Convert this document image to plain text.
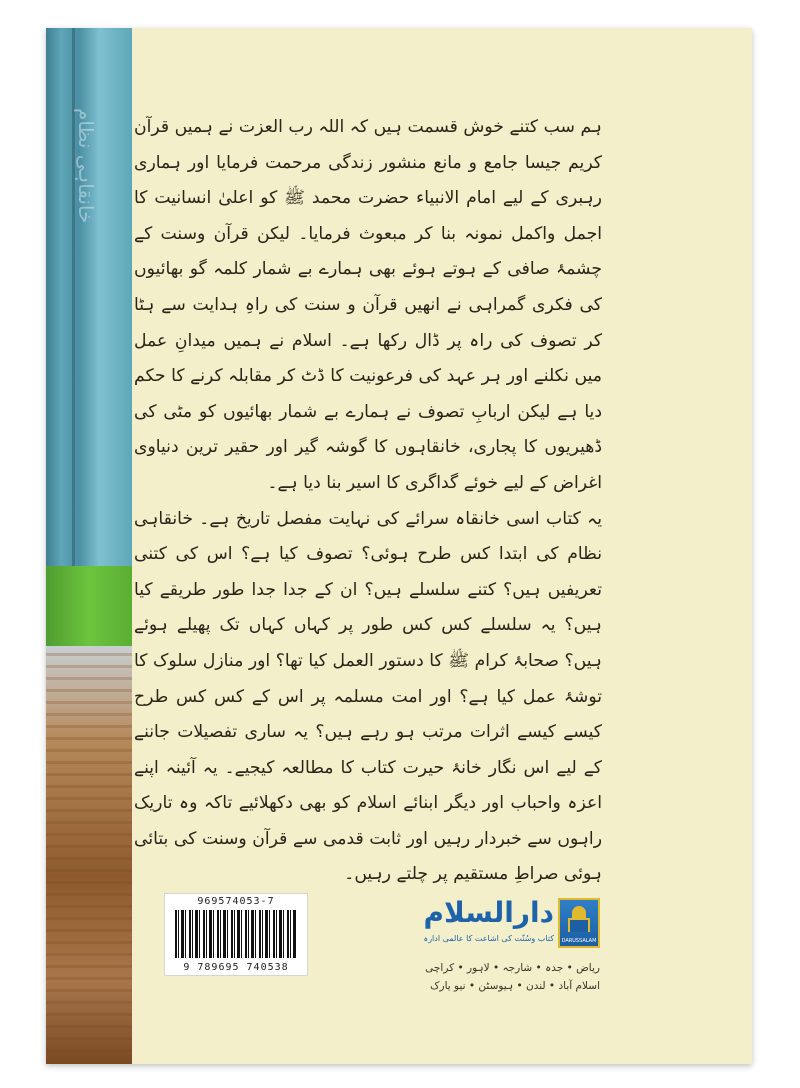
خانقاہی نظام ہم سب کتنے خوش قسمت ہیں کہ اللہ رب العزت نے ہمیں قرآن کریم جیسا جامع و مانع منشور زندگی مرحمت فرمایا اور ہماری رہبری کے لیے امام الانبیاء حضرت محمد ﷺ کو اعلیٰ انسانیت کا اجمل واکمل نمونہ بنا کر مبعوث فرمایا۔ لیکن قرآن وسنت کے چشمۂ صافی کے ہوتے ہوئے بھی ہمارے بے شمار کلمہ گو بھائیوں کی فکری گمراہی نے انھیں قرآن و سنت کی راہِ ہدایت سے ہٹا کر تصوف کی راہ پر ڈال رکھا ہے۔ اسلام نے ہمیں میدانِ عمل میں نکلنے اور ہر عہد کی فرعونیت کا ڈٹ کر مقابلہ کرنے کا حکم دیا ہے لیکن اربابِ تصوف نے ہمارے بے شمار بھائیوں کو مٹی کی ڈھیریوں کا پجاری، خانقاہوں کا گوشہ گیر اور حقیر ترین دنیاوی اغراض کے لیے خوئے گداگری کا اسیر بنا دیا ہے۔

یہ کتاب اسی خانقاہ سرائے کی نہایت مفصل تاریخ ہے۔ خانقاہی نظام کی ابتدا کس طرح ہوئی؟ تصوف کیا ہے؟ اس کی کتنی تعریفیں ہیں؟ کتنے سلسلے ہیں؟ ان کے جدا جدا طور طریقے کیا ہیں؟ یہ سلسلے کس کس طور پر کہاں کہاں تک پھیلے ہوئے ہیں؟ صحابۂ کرام ﷺ کا دستور العمل کیا تھا؟ اور منازل سلوک کا توشۂ عمل کیا ہے؟ اور امت مسلمہ پر اس کے کس کس طرح کیسے کیسے اثرات مرتب ہو رہے ہیں؟ یہ ساری تفصیلات جاننے کے لیے اس نگار خانۂ حیرت کتاب کا مطالعہ کیجیے۔ یہ آئینہ اپنے اعزہ واحباب اور دیگر ابنائے اسلام کو بھی دکھلائیے تاکہ وہ تاریک راہوں سے خبردار رہیں اور ثابت قدمی سے قرآن وسنت کی بتائی ہوئی صراطِ مستقیم پر چلتے رہیں۔

969574053-7
9 789695 740538
DARUSSALAM
دارالسلام
کتاب وسُنّت کی اشاعت کا عالمی ادارہ
ریاض • جدہ • شارجہ • لاہور • کراچی
اسلام آباد • لندن • ہیوسٹن • نیو یارک
